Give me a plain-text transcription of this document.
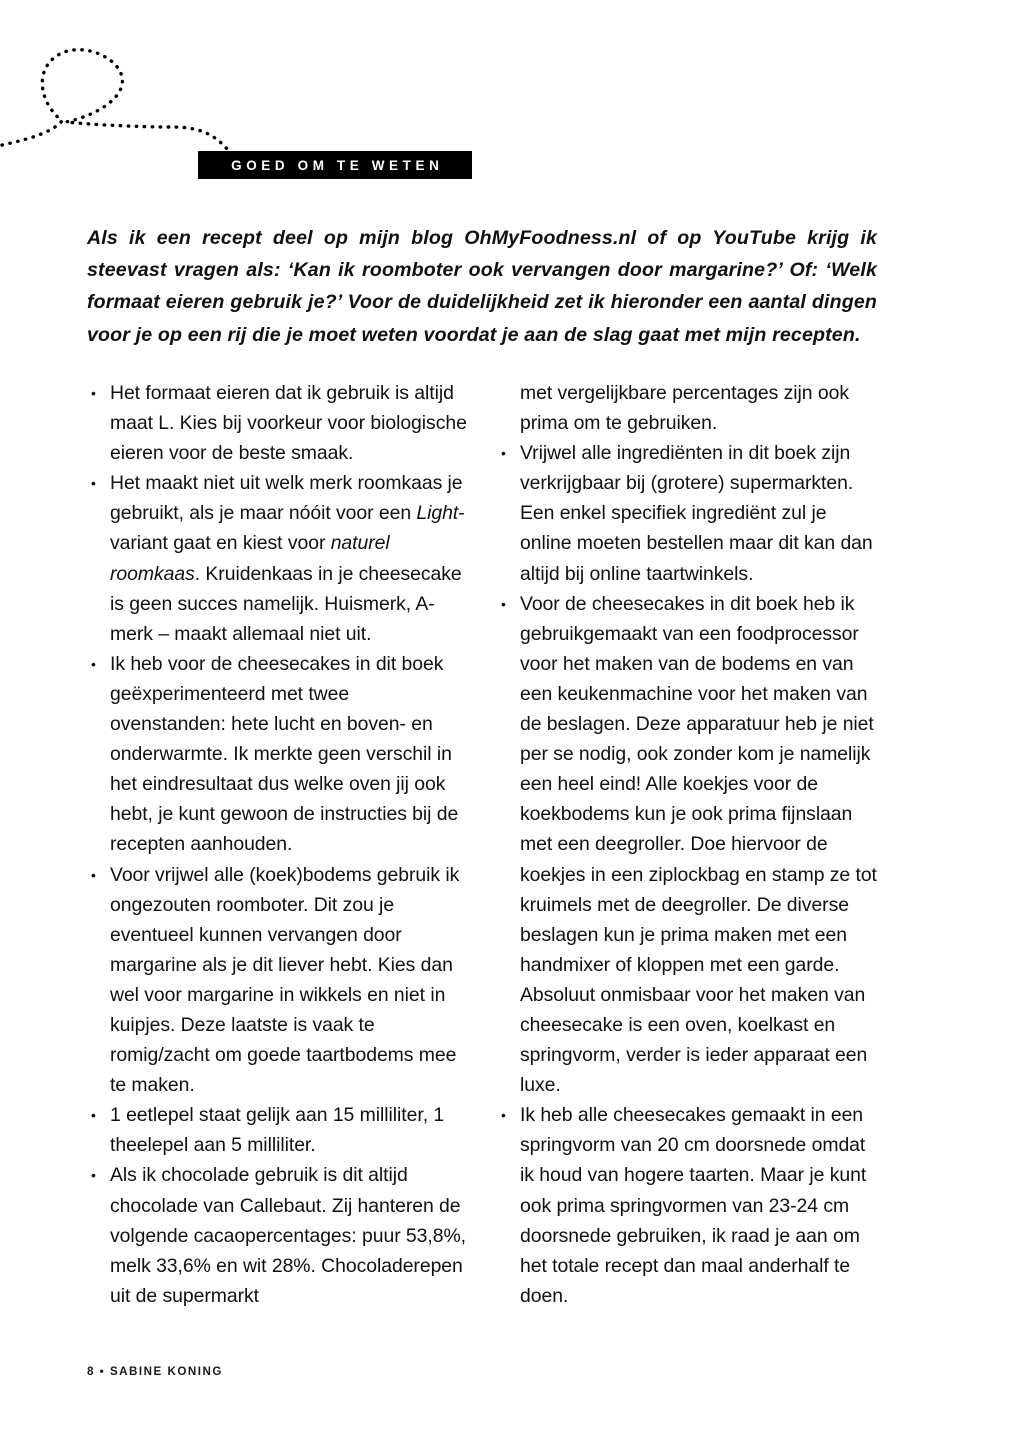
GOED OM TE WETEN

Als ik een recept deel op mijn blog OhMyFoodness.nl of op YouTube krijg ik steevast vragen als: ‘Kan ik roomboter ook vervangen door margarine?’ Of: ‘Welk formaat eieren gebruik je?’ Voor de duidelijkheid zet ik hieronder een aantal dingen voor je op een rij die je moet weten voordat je aan de slag gaat met mijn recepten.

• Het formaat eieren dat ik gebruik is altijd maat L. Kies bij voorkeur voor biologische eieren voor de beste smaak.
• Het maakt niet uit welk merk roomkaas je gebruikt, als je maar nóóit voor een Light-variant gaat en kiest voor naturel roomkaas. Kruidenkaas in je cheesecake is geen succes namelijk. Huismerk, A-merk – maakt allemaal niet uit.
• Ik heb voor de cheesecakes in dit boek geëxperimenteerd met twee ovenstanden: hete lucht en boven- en onderwarmte. Ik merkte geen verschil in het eindresultaat dus welke oven jij ook hebt, je kunt gewoon de instructies bij de recepten aanhouden.
• Voor vrijwel alle (koek)bodems gebruik ik ongezouten roomboter. Dit zou je eventueel kunnen vervangen door margarine als je dit liever hebt. Kies dan wel voor margarine in wikkels en niet in kuipjes. Deze laatste is vaak te romig/zacht om goede taartbodems mee te maken.
• 1 eetlepel staat gelijk aan 15 milliliter, 1 theelepel aan 5 milliliter.
• Als ik chocolade gebruik is dit altijd chocolade van Callebaut. Zij hanteren de volgende cacaopercentages: puur 53,8%, melk 33,6% en wit 28%. Chocoladerepen uit de supermarkt
met vergelijkbare percentages zijn ook prima om te gebruiken.
• Vrijwel alle ingrediënten in dit boek zijn verkrijgbaar bij (grotere) supermarkten. Een enkel specifiek ingrediënt zul je online moeten bestellen maar dit kan dan altijd bij online taartwinkels.
• Voor de cheesecakes in dit boek heb ik gebruikgemaakt van een foodprocessor voor het maken van de bodems en van een keukenmachine voor het maken van de beslagen. Deze apparatuur heb je niet per se nodig, ook zonder kom je namelijk een heel eind! Alle koekjes voor de koekbodems kun je ook prima fijnslaan met een deegroller. Doe hiervoor de koekjes in een ziplockbag en stamp ze tot kruimels met de deegroller. De diverse beslagen kun je prima maken met een handmixer of kloppen met een garde. Absoluut onmisbaar voor het maken van cheesecake is een oven, koelkast en springvorm, verder is ieder apparaat een luxe.
• Ik heb alle cheesecakes gemaakt in een springvorm van 20 cm doorsnede omdat ik houd van hogere taarten. Maar je kunt ook prima springvormen van 23-24 cm doorsnede gebruiken, ik raad je aan om het totale recept dan maal anderhalf te doen.
8 • SABINE KONING
